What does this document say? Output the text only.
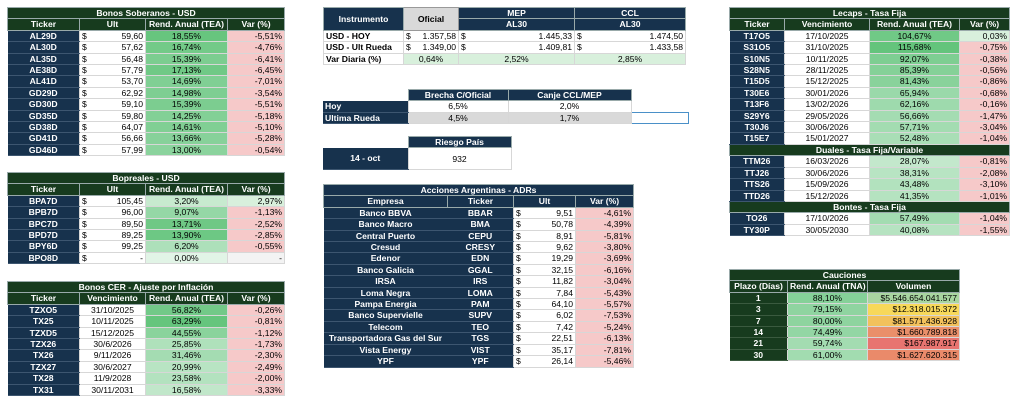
Bonos Soberanos - USD			
Ticker	Ult	Rend. Anual (TEA)	Var (%)
AL29D	$ 59,60	18,55%	-5,51%
AL30D	$ 57,62	16,74%	-4,76%
AL35D	$ 56,48	15,39%	-6,41%
AE38D	$ 57,79	17,13%	-6,45%
AL41D	$ 53,70	14,69%	-7,01%
GD29D	$ 62,92	14,98%	-3,54%
GD30D	$ 59,10	15,39%	-5,51%
GD35D	$ 59,80	14,25%	-5,18%
GD38D	$ 64,07	14,61%	-5,10%
GD41D	$ 56,66	13,66%	-5,28%
GD46D	$ 57,99	13,00%	-0,54%
Bopreales - USD			
Ticker	Ult	Rend. Anual (TEA)	Var (%)
BPA7D	$ 105,45	3,20%	2,97%
BPB7D	$ 96,00	9,07%	-1,13%
BPC7D	$ 89,50	13,71%	-2,52%
BPD7D	$ 89,25	13,90%	-2,85%
BPY6D	$ 99,25	6,20%	-0,55%
BPO8D	$ -	0,00%	-
Bonos CER - Ajuste por Inflación			
Ticker	Vencimiento	Rend. Anual (TEA)	Var (%)
TZXO5	31/10/2025	56,82%	-0,26%
TX25	10/11/2025	63,29%	-0,81%
TZXD5	15/12/2025	44,55%	-1,12%
TZX26	30/6/2026	25,85%	-1,73%
TX26	9/11/2026	31,46%	-2,30%
TZX27	30/6/2027	20,99%	-2,49%
TX28	11/9/2028	23,58%	-2,00%
TX31	30/11/2031	16,58%	-3,33%
Instrumento	Oficial	MEP	CCL
		AL30	AL30
USD - HOY	$ 1.357,58	$ 1.445,33	$ 1.474,50

USD - Ult Rueda	$ 1.349,00	$ 1.409,81	$ 1.433,58

Var Diaria (%)	0,64%	2,52%	2,85%
	Brecha C/Oficial	Canje CCL/MEP	
Hoy	6,5%	2,0%	
Ultima Rueda	4,5%	1,7%	
	Riesgo País
14 - oct	932
Acciones Argentinas - ADRs			
Empresa	Ticker	Ult	Var (%)
Banco BBVA	BBAR	$ 9,51	-4,61%
Banco Macro	BMA	$ 50,78	-4,39%
Central Puerto	CEPU	$ 8,91	-5,81%
Cresud	CRESY	$ 9,62	-3,80%
Edenor	EDN	$ 19,29	-3,69%
Banco Galicia	GGAL	$ 32,15	-6,16%
IRSA	IRS	$ 11,82	-3,04%
Loma Negra	LOMA	$ 7,84	-5,43%
Pampa Energia	PAM	$ 64,10	-5,57%
Banco Supervielle	SUPV	$ 6,02	-7,53%
Telecom	TEO	$ 7,42	-5,24%
Transportadora Gas del Sur	TGS	$ 22,51	-6,13%
Vista Energy	VIST	$ 35,17	-7,81%
YPF	YPF	$ 26,14	-5,46%
Lecaps - Tasa Fija			
Ticker	Vencimiento	Rend. Anual (TEA)	Var (%)
T17O5	17/10/2025	104,67%	0,03%
S31O5	31/10/2025	115,68%	-0,75%
S10N5	10/11/2025	92,07%	-0,38%
S28N5	28/11/2025	85,39%	-0,56%
T15D5	15/12/2025	81,43%	-0,86%
T30E6	30/01/2026	65,94%	-0,68%
T13F6	13/02/2026	62,16%	-0,16%
S29Y6	29/05/2026	56,66%	-1,47%
T30J6	30/06/2026	57,71%	-3,04%
T15E7	15/01/2027	52,48%	-1,04%
Duales - Tasa Fija/Variable			
TTM26	16/03/2026	28,07%	-0,81%
TTJ26	30/06/2026	38,31%	-2,08%
TTS26	15/09/2026	43,48%	-3,10%
TTD26	15/12/2026	41,35%	-1,01%
Bontes - Tasa Fija			
TO26	17/10/2026	57,49%	-1,04%
TY30P	30/05/2030	40,08%	-1,55%
Cauciones		
Plazo (Días)	Rend. Anual (TNA)	Volumen
1	88,10%	$5.546.654.041.577
3	79,15%	$12.318.015.372
7	80,00%	$81.571.436.928
14	74,49%	$1.660.789.818
21	59,74%	$167.987.917
30	61,00%	$1.627.620.315
